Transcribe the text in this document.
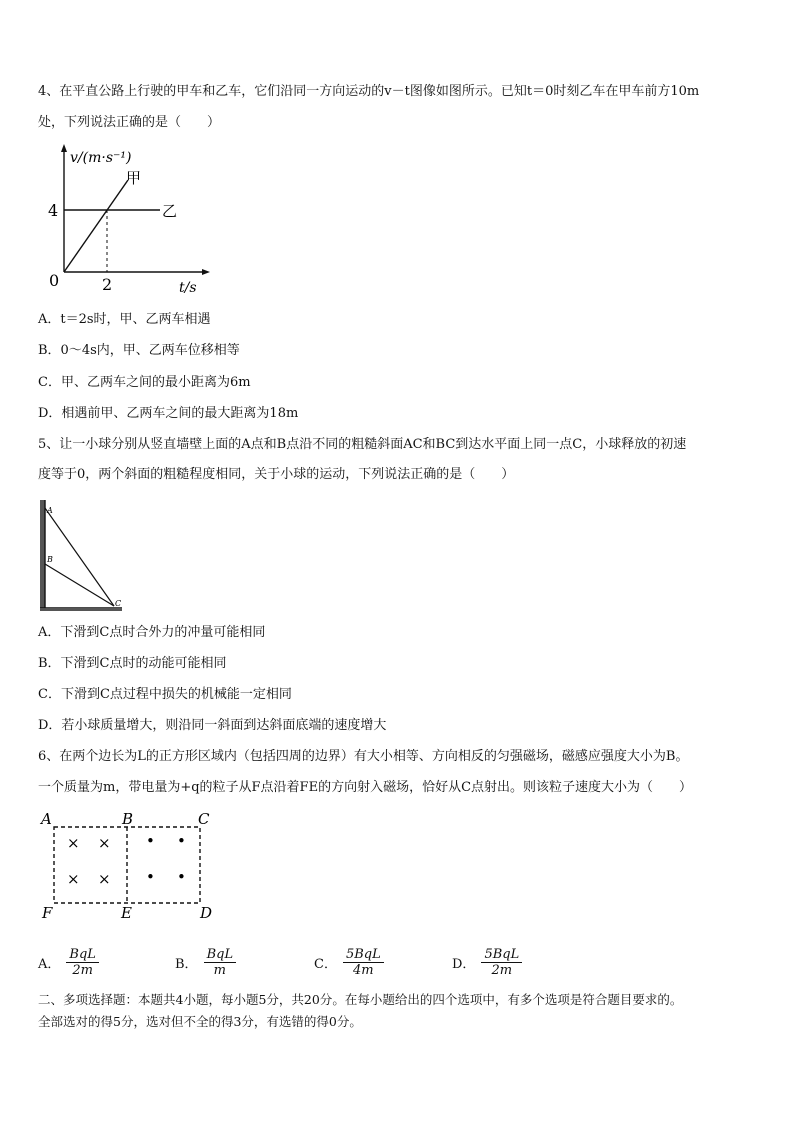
4、在平直公路上行驶的甲车和乙车，它们沿同一方向运动的v－t图像如图所示。已知t＝0时刻乙车在甲车前方10m
处，下列说法正确的是（　　）
v/(m·s⁻¹)
t/s
0
4
2
甲
乙
A．t＝2s时，甲、乙两车相遇
B．0～4s内，甲、乙两车位移相等
C．甲、乙两车之间的最小距离为6m
D．相遇前甲、乙两车之间的最大距离为18m
5、让一小球分别从竖直墙壁上面的A点和B点沿不同的粗糙斜面AC和BC到达水平面上同一点C，小球释放的初速
度等于0，两个斜面的粗糙程度相同，关于小球的运动，下列说法正确的是（　　）
A
B
C
A．下滑到C点时合外力的冲量可能相同
B．下滑到C点时的动能可能相同
C．下滑到C点过程中损失的机械能一定相同
D．若小球质量增大，则沿同一斜面到达斜面底端的速度增大
6、在两个边长为L的正方形区域内（包括四周的边界）有大小相等、方向相反的匀强磁场，磁感应强度大小为B。
一个质量为m，带电量为+q的粒子从F点沿着FE的方向射入磁场，恰好从C点射出。则该粒子速度大小为（　　）
A	B	C
D
E
F
× ×
× ×
• •
• •
A． $\frac{\text{BqL}}{2m}$	B． $\frac{\text{BqL}}{m}$	C． $\frac{\text{5BqL}}{4m}$	D． $\frac{\text{5BqL}}{2m}$
二、多项选择题：本题共4小题，每小题5分，共20分。在每小题给出的四个选项中，有多个选项是符合题目要求的。
全部选对的得5分，选对但不全的得3分，有选错的得0分。
